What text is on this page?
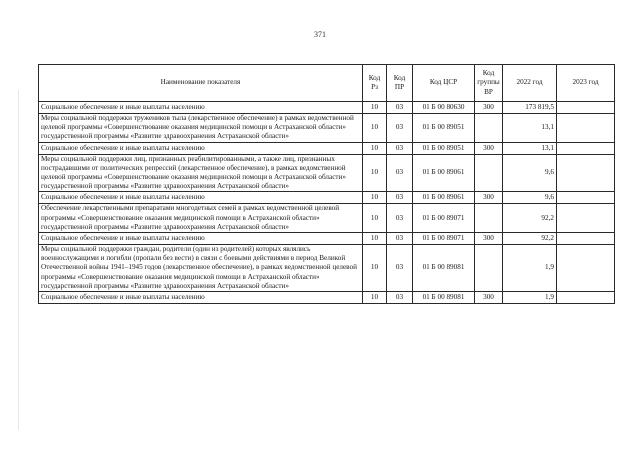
371
Наименование показателя	Код Рз	Код ПР	Код ЦСР	Код группы ВР	2022 год	2023 год
Социальное обеспечение и иные выплаты населению	10	03	01 Б 00 80630	300	173 819,5	
Меры социальной поддержки тружеников тыла (лекарственное обеспечение) в рамках ведомственной целевой программы «Совершенствование оказания медицинской помощи в Астраханской области» государственной программы «Развитие здравоохранения Астраханской области»	10	03	01 Б 00 89051		13,1	
Социальное обеспечение и иные выплаты населению	10	03	01 Б 00 89051	300	13,1	
Меры социальной поддержки лиц, признанных реабилитированными, а также лиц, признанных пострадавшими от политических репрессий (лекарственное обеспечение), в рамках ведомственной целевой программы «Совершенствование оказания медицинской помощи в Астраханской области» государственной программы «Развитие здравоохранения Астраханской области»	10	03	01 Б 00 89061		9,6	
Социальное обеспечение и иные выплаты населению	10	03	01 Б 00 89061	300	9,6	
Обеспечение лекарственными препаратами многодетных семей в рамках ведомственной целевой программы «Совершенствование оказания медицинской помощи в Астраханской области» государственной программы «Развитие здравоохранения Астраханской области»	10	03	01 Б 00 89071		92,2	
Социальное обеспечение и иные выплаты населению	10	03	01 Б 00 89071	300	92,2	
Меры социальной поддержки граждан, родители (один из родителей) которых являлись военнослужащими и погибли (пропали без вести) в связи с боевыми действиями в период Великой Отечественной войны 1941–1945 годов (лекарственное обеспечение), в рамках ведомственной целевой программы «Совершенствование оказания медицинской помощи в Астраханской области» государственной программы «Развитие здравоохранения Астраханской области»	10	03	01 Б 00 89081		1,9	
Социальное обеспечение и иные выплаты населению	10	03	01 Б 00 89081	300	1,9	
